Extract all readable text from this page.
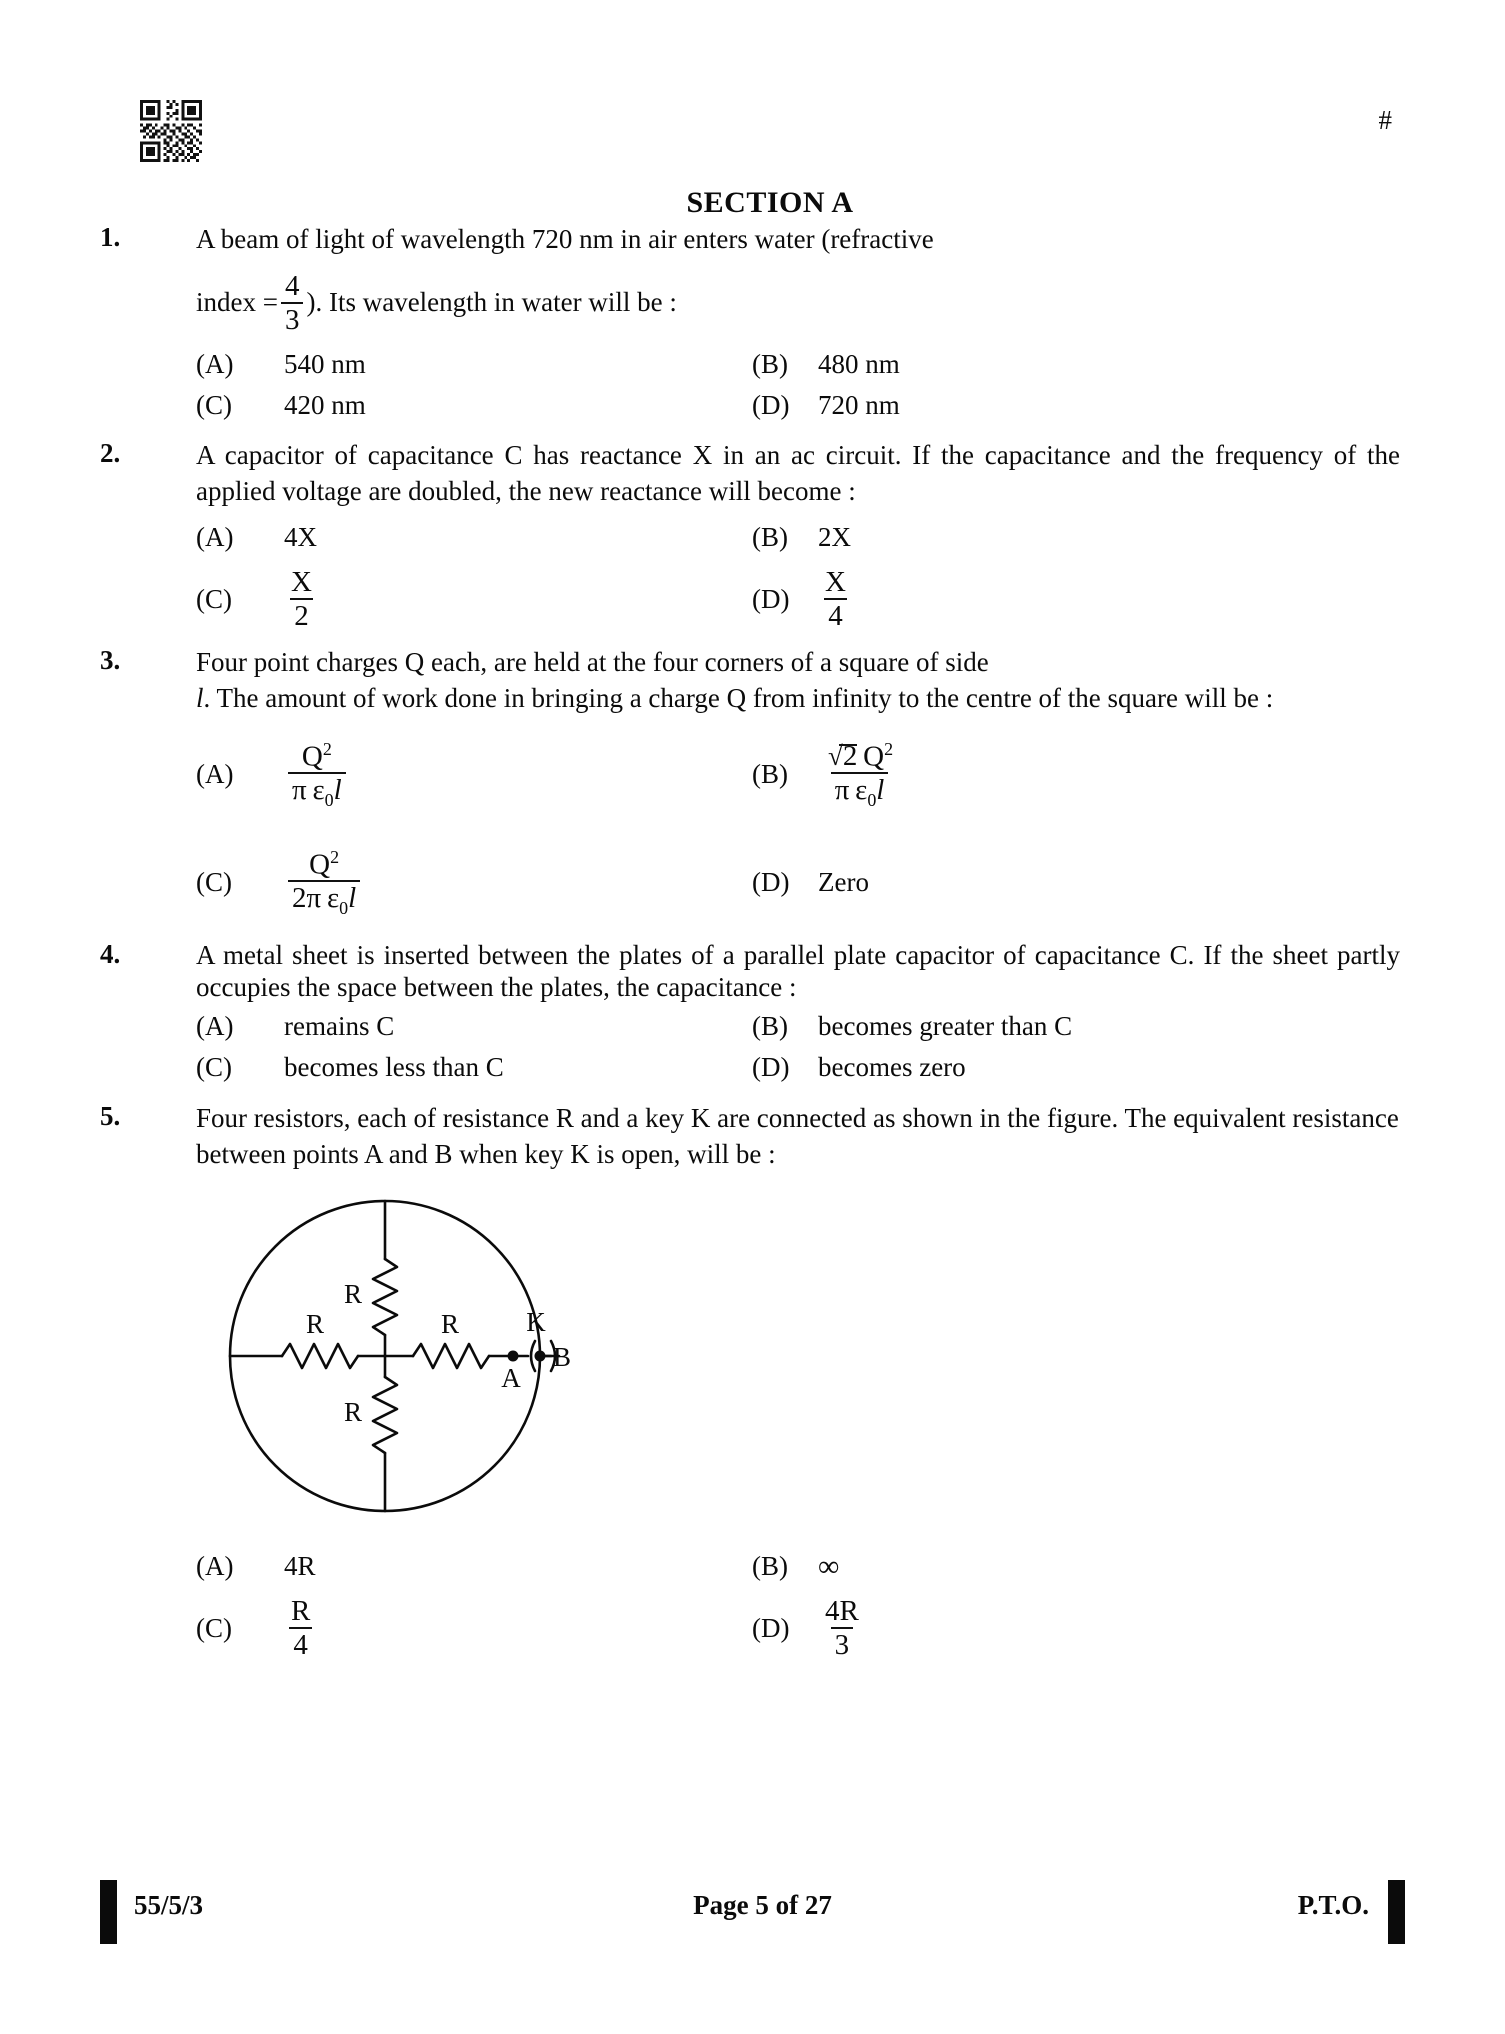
#
SECTION A
1.	A beam of light of wavelength 720 nm in air enters water (refractive
index = $\frac{4}{3}$ ). Its wavelength in water will be :
(A)	540 nm	(B)	480 nm
(C)	420 nm	(D)	720 nm
2.	A capacitor of capacitance C has reactance X in an ac circuit. If the capacitance and the frequency of the applied voltage are doubled, the new reactance will become :
(A)	4X	(B)	2X
(C)	$\frac{X}{2}$	(D)	$\frac{X}{4}$
3.	Four point charges Q each, are held at the four corners of a square of side
l. The amount of work done in bringing a charge Q from infinity to the centre of the square will be :
(A)	$\frac{Q^2}{\pi \varepsilon_0l}$	(B)	√
2 $Q^2$
π $\varepsilon_0l$
(C)	$\frac{Q^2}{2\pi \varepsilon_0l}$	(D)	Zero
4.	A metal sheet is inserted between the plates of a parallel plate capacitor of capacitance C. If the sheet partly occupies the space between the plates, the capacitance :
(A)	remains C	(B)	becomes greater than C
(C)	becomes less than C	(D)	becomes zero
5.	Four resistors, each of resistance R and a key K are connected as shown in the figure. The equivalent resistance between points A and B when key K is open, will be :
R
R
R	R K
A
B
(A)	4R	(B)	∞
(C)	$\frac{R}{4}$	(D)	$\frac{4R}{3}$
55/5/3	Page 5 of 27	P.T.O.
